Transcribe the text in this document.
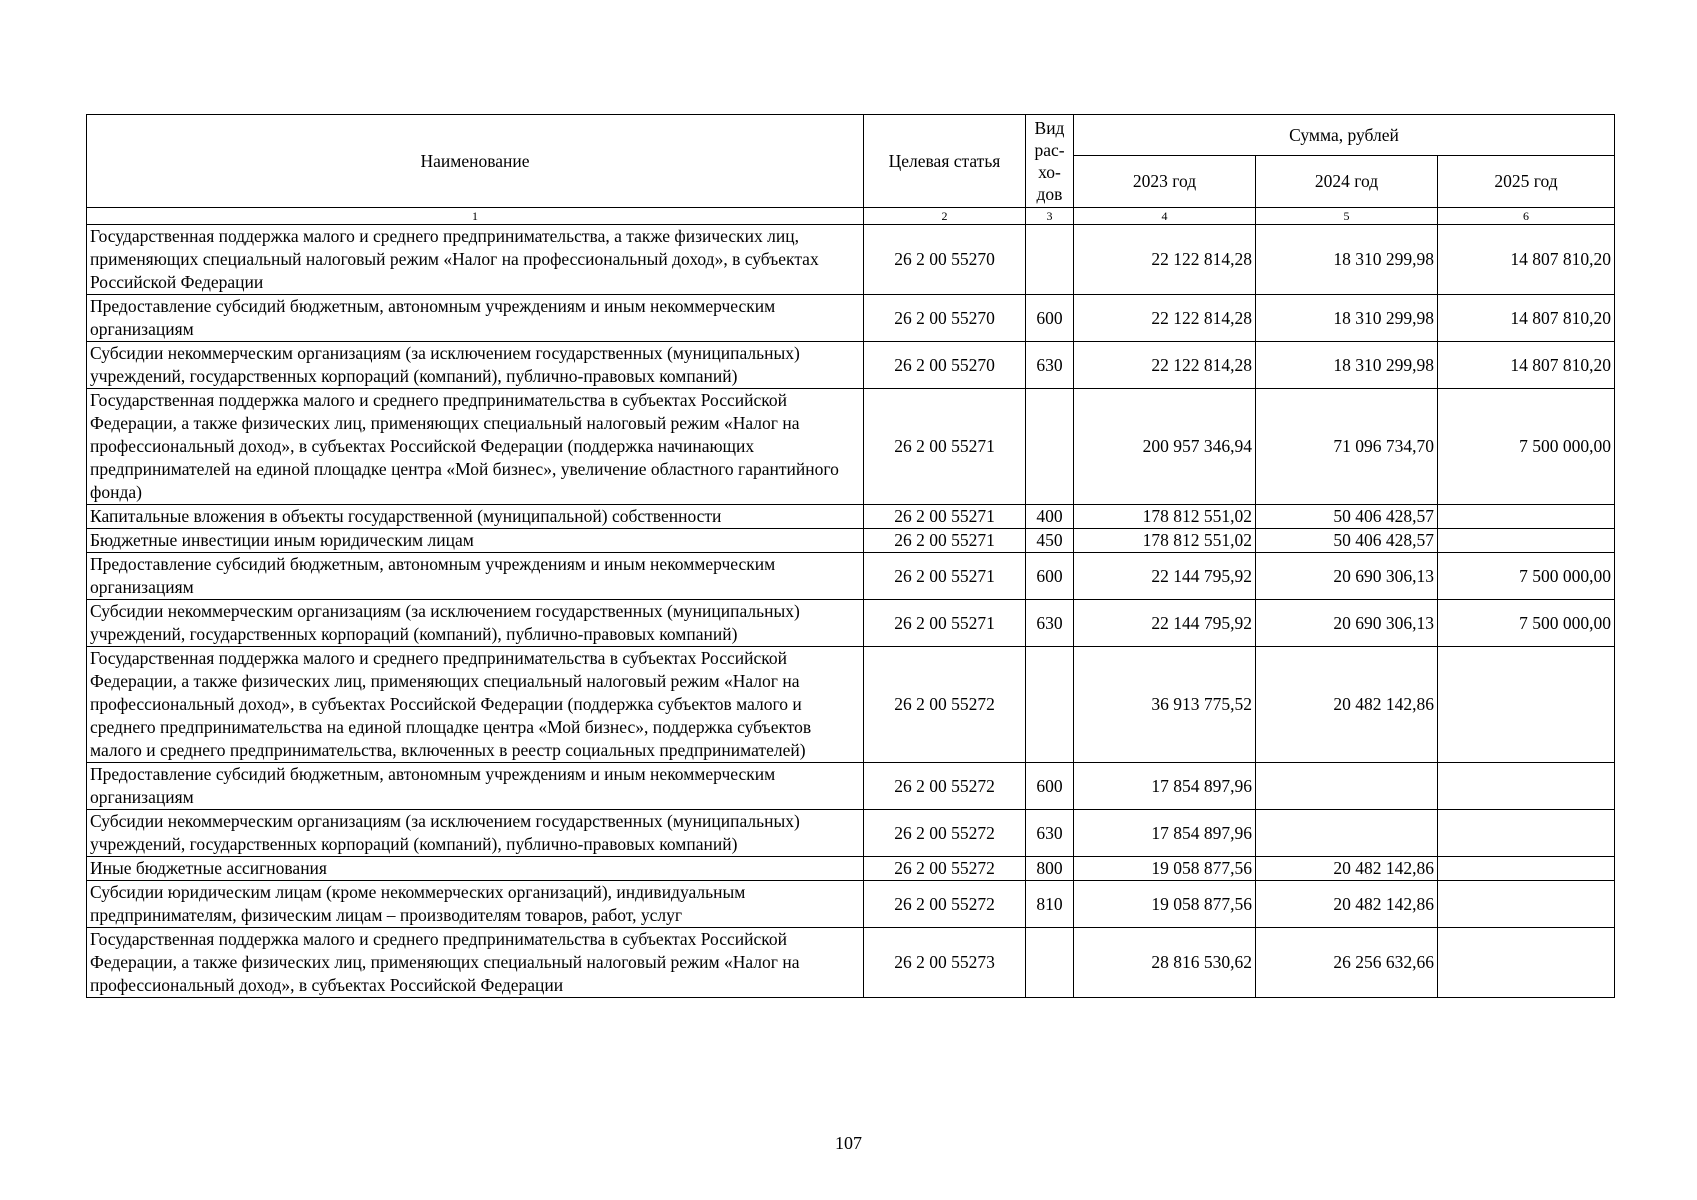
Наименование	Целевая статья	Вид
рас-
хо-
дов	Сумма, рублей		
			2023 год	2024 год	2025 год
1	2	3	4	5	6
Государственная поддержка малого и среднего предпринимательства, а также физических лиц, применяющих специальный налоговый режим «Налог на профессиональный доход», в субъектах Российской Федерации	26 2 00 55270		22 122 814,28	18 310 299,98	14 807 810,20
Предоставление субсидий бюджетным, автономным учреждениям и иным некоммерческим организациям	26 2 00 55270	600	22 122 814,28	18 310 299,98	14 807 810,20
Субсидии некоммерческим организациям (за исключением государственных (муниципальных) учреждений, государственных корпораций (компаний), публично-правовых компаний)	26 2 00 55270	630	22 122 814,28	18 310 299,98	14 807 810,20
Государственная поддержка малого и среднего предпринимательства в субъектах Российской Федерации, а также физических лиц, применяющих специальный налоговый режим «Налог на профессиональный доход», в субъектах Российской Федерации (поддержка начинающих предпринимателей на единой площадке центра «Мой бизнес», увеличение областного гарантийного фонда)	26 2 00 55271		200 957 346,94	71 096 734,70	7 500 000,00
Капитальные вложения в объекты государственной (муниципальной) собственности	26 2 00 55271	400	178 812 551,02	50 406 428,57	
Бюджетные инвестиции иным юридическим лицам	26 2 00 55271	450	178 812 551,02	50 406 428,57	
Предоставление субсидий бюджетным, автономным учреждениям и иным некоммерческим организациям	26 2 00 55271	600	22 144 795,92	20 690 306,13	7 500 000,00
Субсидии некоммерческим организациям (за исключением государственных (муниципальных) учреждений, государственных корпораций (компаний), публично-правовых компаний)	26 2 00 55271	630	22 144 795,92	20 690 306,13	7 500 000,00
Государственная поддержка малого и среднего предпринимательства в субъектах Российской Федерации, а также физических лиц, применяющих специальный налоговый режим «Налог на профессиональный доход», в субъектах Российской Федерации (поддержка субъектов малого и среднего предпринимательства на единой площадке центра «Мой бизнес», поддержка субъектов малого и среднего предпринимательства, включенных в реестр социальных предпринимателей)	26 2 00 55272		36 913 775,52	20 482 142,86	
Предоставление субсидий бюджетным, автономным учреждениям и иным некоммерческим организациям	26 2 00 55272	600	17 854 897,96		
Субсидии некоммерческим организациям (за исключением государственных (муниципальных) учреждений, государственных корпораций (компаний), публично-правовых компаний)	26 2 00 55272	630	17 854 897,96		
Иные бюджетные ассигнования	26 2 00 55272	800	19 058 877,56	20 482 142,86	
Субсидии юридическим лицам (кроме некоммерческих организаций), индивидуальным предпринимателям, физическим лицам – производителям товаров, работ, услуг	26 2 00 55272	810	19 058 877,56	20 482 142,86	
Государственная поддержка малого и среднего предпринимательства в субъектах Российской Федерации, а также физических лиц, применяющих специальный налоговый режим «Налог на профессиональный доход», в субъектах Российской Федерации	26 2 00 55273		28 816 530,62	26 256 632,66	
107
